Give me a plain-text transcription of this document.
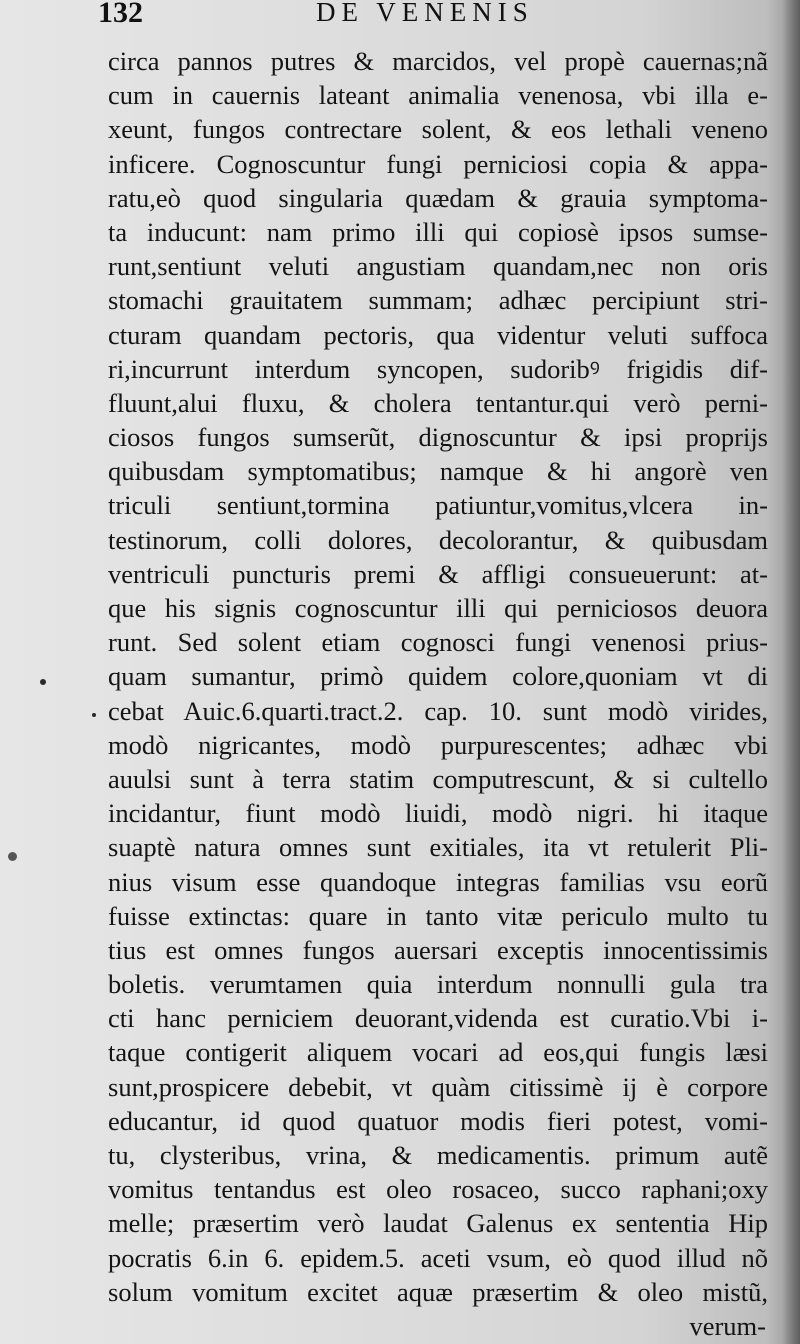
132	DE VENENIS
circa pannos putres & marcidos, vel propè cauernas;nã
cum in cauernis lateant animalia venenosa, vbi illa e-
xeunt, fungos contrectare solent, & eos lethali veneno
inficere. Cognoscuntur fungi perniciosi copia & appa-
ratu,eò quod singularia quædam & grauia symptoma-
ta inducunt: nam primo illi qui copiosè ipsos sumse-
runt,sentiunt veluti angustiam quandam,nec non oris
stomachi grauitatem summam; adhæc percipiunt stri-
cturam quandam pectoris, qua videntur veluti suffoca
ri,incurrunt interdum syncopen, sudoribꝰ frigidis dif-
fluunt,alui fluxu, & cholera tentantur.qui verò perni-
ciosos fungos sumserũt, dignoscuntur & ipsi proprijs
quibusdam symptomatibus; namque & hi angorè ven
triculi sentiunt,tormina patiuntur,vomitus,vlcera in-
testinorum, colli dolores, decolorantur, & quibusdam
ventriculi puncturis premi & affligi consueuerunt: at-
que his signis cognoscuntur illi qui perniciosos deuora
runt. Sed solent etiam cognosci fungi venenosi prius-
quam sumantur, primò quidem colore,quoniam vt di
cebat Auic.6.quarti.tract.2. cap. 10. sunt modò virides,
modò nigricantes, modò purpurescentes; adhæc vbi
auulsi sunt à terra statim computrescunt, & si cultello
incidantur, fiunt modò liuidi, modò nigri. hi itaque
suaptè natura omnes sunt exitiales, ita vt retulerit Pli-
nius visum esse quandoque integras familias vsu eorũ
fuisse extinctas: quare in tanto vitæ periculo multo tu
tius est omnes fungos auersari exceptis innocentissimis
boletis. verumtamen quia interdum nonnulli gula tra
cti hanc perniciem deuorant,videnda est curatio.Vbi i-
taque contigerit aliquem vocari ad eos,qui fungis læsi
sunt,prospicere debebit, vt quàm citissimè ij è corpore
educantur, id quod quatuor modis fieri potest, vomi-
tu, clysteribus, vrina, & medicamentis. primum autẽ
vomitus tentandus est oleo rosaceo, succo raphani;oxy
melle; præsertim verò laudat Galenus ex sententia Hip
pocratis 6.in 6. epidem.5. aceti vsum, eò quod illud nõ
solum vomitum excitet aquæ præsertim & oleo mistũ,
verum-
